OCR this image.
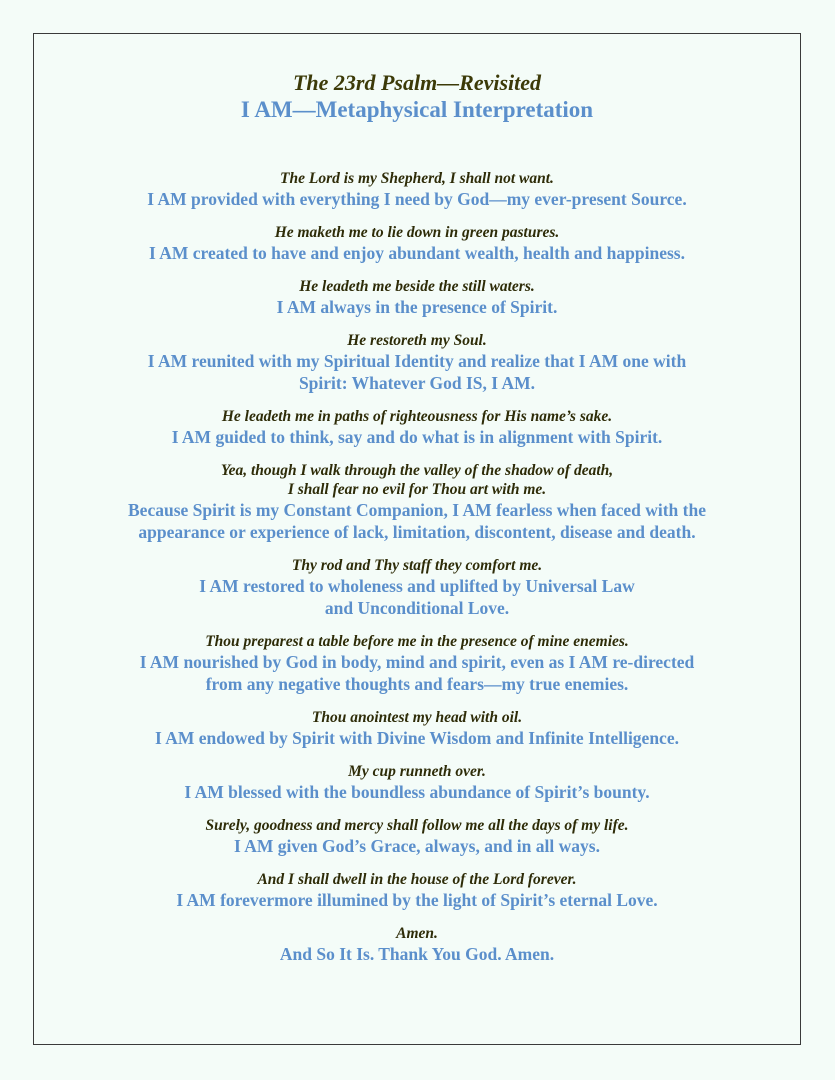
The 23rd Psalm—Revisited
I AM—Metaphysical Interpretation
The Lord is my Shepherd, I shall not want.
I AM provided with everything I need by God—my ever-present Source.
He maketh me to lie down in green pastures.
I AM created to have and enjoy abundant wealth, health and happiness.
He leadeth me beside the still waters.
I AM always in the presence of Spirit.
He restoreth my Soul.
I AM reunited with my Spiritual Identity and realize that I AM one with
Spirit: Whatever God IS, I AM.
He leadeth me in paths of righteousness for His name’s sake.
I AM guided to think, say and do what is in alignment with Spirit.
Yea, though I walk through the valley of the shadow of death,
I shall fear no evil for Thou art with me.
Because Spirit is my Constant Companion, I AM fearless when faced with the
appearance or experience of lack, limitation, discontent, disease and death.
Thy rod and Thy staff they comfort me.
I AM restored to wholeness and uplifted by Universal Law
and Unconditional Love.
Thou preparest a table before me in the presence of mine enemies.
I AM nourished by God in body, mind and spirit, even as I AM re-directed
from any negative thoughts and fears—my true enemies.
Thou anointest my head with oil.
I AM endowed by Spirit with Divine Wisdom and Infinite Intelligence.
My cup runneth over.
I AM blessed with the boundless abundance of Spirit’s bounty.
Surely, goodness and mercy shall follow me all the days of my life.
I AM given God’s Grace, always, and in all ways.
And I shall dwell in the house of the Lord forever.
I AM forevermore illumined by the light of Spirit’s eternal Love.
Amen.
And So It Is. Thank You God. Amen.
